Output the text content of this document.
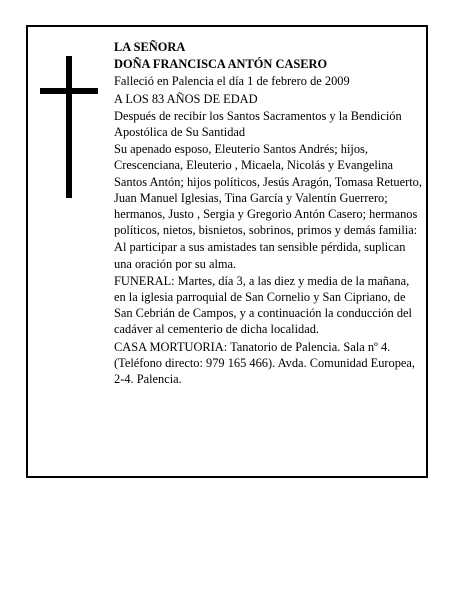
LA SEÑORA

DOÑA FRANCISCA ANTÓN CASERO

Falleció en Palencia el día 1 de febrero de 2009

A LOS 83 AÑOS DE EDAD

Después de recibir los Santos Sacramentos y la Bendición Apostólica de Su Santidad

Su apenado esposo, Eleuterio Santos Andrés; hijos, Crescenciana, Eleuterio , Micaela, Nicolás y Evangelina Santos Antón; hijos políticos, Jesús Aragón, Tomasa Retuerto, Juan Manuel Iglesias, Tina García y Valentín Guerrero; hermanos, Justo , Sergia y Gregorio Antón Casero; hermanos políticos, nietos, bisnietos, sobrinos, primos y demás familia:

Al participar a sus amistades tan sensible pérdida, suplican una oración por su alma.

FUNERAL: Martes, día 3, a las diez y media de la mañana, en la iglesia parroquial de San Cornelio y San Cipriano, de San Cebrián de Campos, y a continuación la conducción del cadáver al cementerio de dicha localidad.

CASA MORTUORIA: Tanatorio de Palencia. Sala nº 4. (Teléfono directo: 979 165 466). Avda. Comunidad Europea, 2-4. Palencia.
